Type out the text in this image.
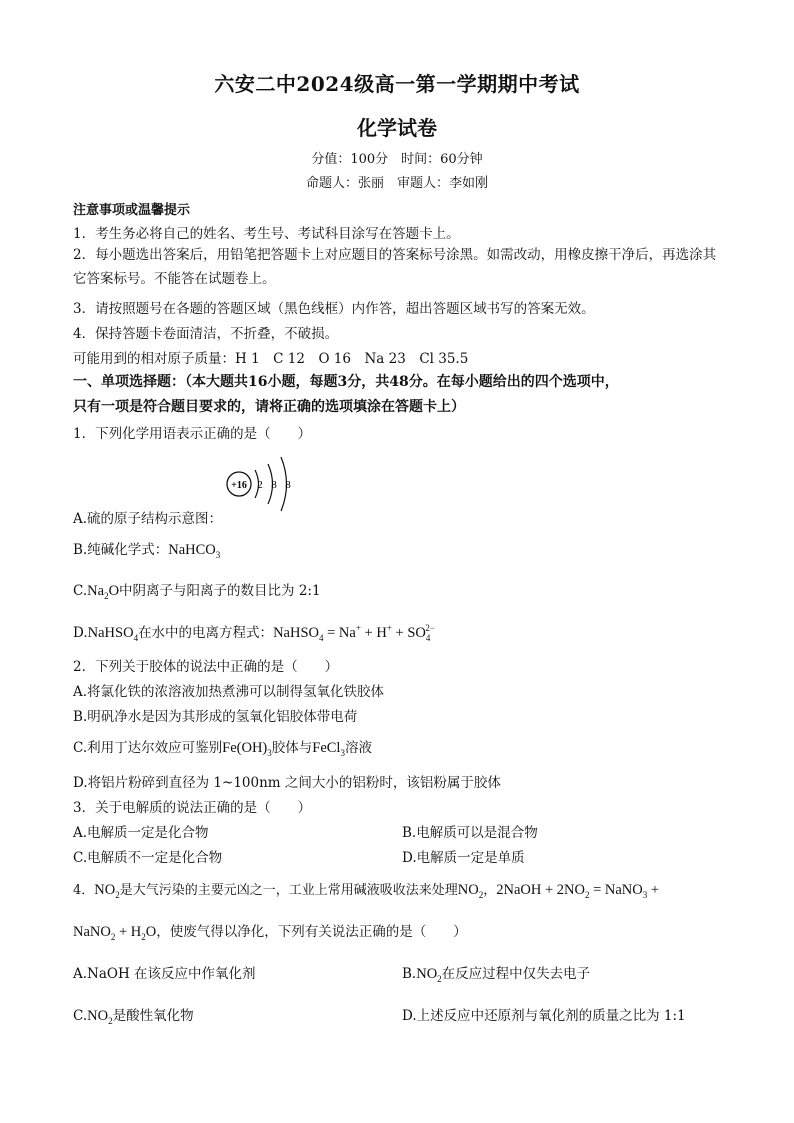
六安二中2024级高一第一学期期中考试
化学试卷
分值：100分　时间：60分钟
命题人：张丽　审题人：李如刚
注意事项或温馨提示
1．考生务必将自己的姓名、考生号、考试科目涂写在答题卡上。
2．每小题选出答案后，用铅笔把答题卡上对应题目的答案标号涂黑。如需改动，用橡皮擦干净后，再选涂其它答案标号。不能答在试题卷上。
3．请按照题号在各题的答题区域（黑色线框）内作答，超出答题区域书写的答案无效。
4．保持答题卡卷面清洁，不折叠，不破损。
可能用到的相对原子质量：H 1　C 12　O 16　Na 23　Cl 35.5
一、单项选择题：（本大题共16小题，每题3分，共48分。在每小题给出的四个选项中，
只有一项是符合题目要求的，请将正确的选项填涂在答题卡上）
1．下列化学用语表示正确的是（　　）
+16 2 8 8
A.硫的原子结构示意图：
B.纯碱化学式：NaHCO$_3$
$C.Na_2O$中阴离子与阳离子的数目比为 2:1
D.NaHSO$_4$在水中的电离方程式：NaHSO$_4$ = $Na^+ + H^+ + SO_4^{2-}$
2．下列关于胶体的说法中正确的是（　　）
A.将氯化铁的浓溶液加热煮沸可以制得氢氧化铁胶体
B.明矾净水是因为其形成的氢氧化铝胶体带电荷
C.利用丁达尔效应可鉴别$Fe(OH)_3$胶体与FeCl$_3$溶液
D.将铝片粉碎到直径为 1~100nm 之间大小的铝粉时，该铝粉属于胶体
3．关于电解质的说法正确的是（　　）
A.电解质一定是化合物	B.电解质可以是混合物
C.电解质不一定是化合物	D.电解质一定是单质
4．$NO_2$是大气污染的主要元凶之一，工业上常用碱液吸收法来处理$NO_2$，2NaOH + $2NO_2$ = NaNO$_3$ +
NaNO$_2$ + $H_2O$，使废气得以净化，下列有关说法正确的是（　　）
A.NaOH 在该反应中作氧化剂	$B.NO_2$在反应过程中仅失去电子
$C.NO_2$是酸性氧化物	D.上述反应中还原剂与氧化剂的质量之比为 1:1
